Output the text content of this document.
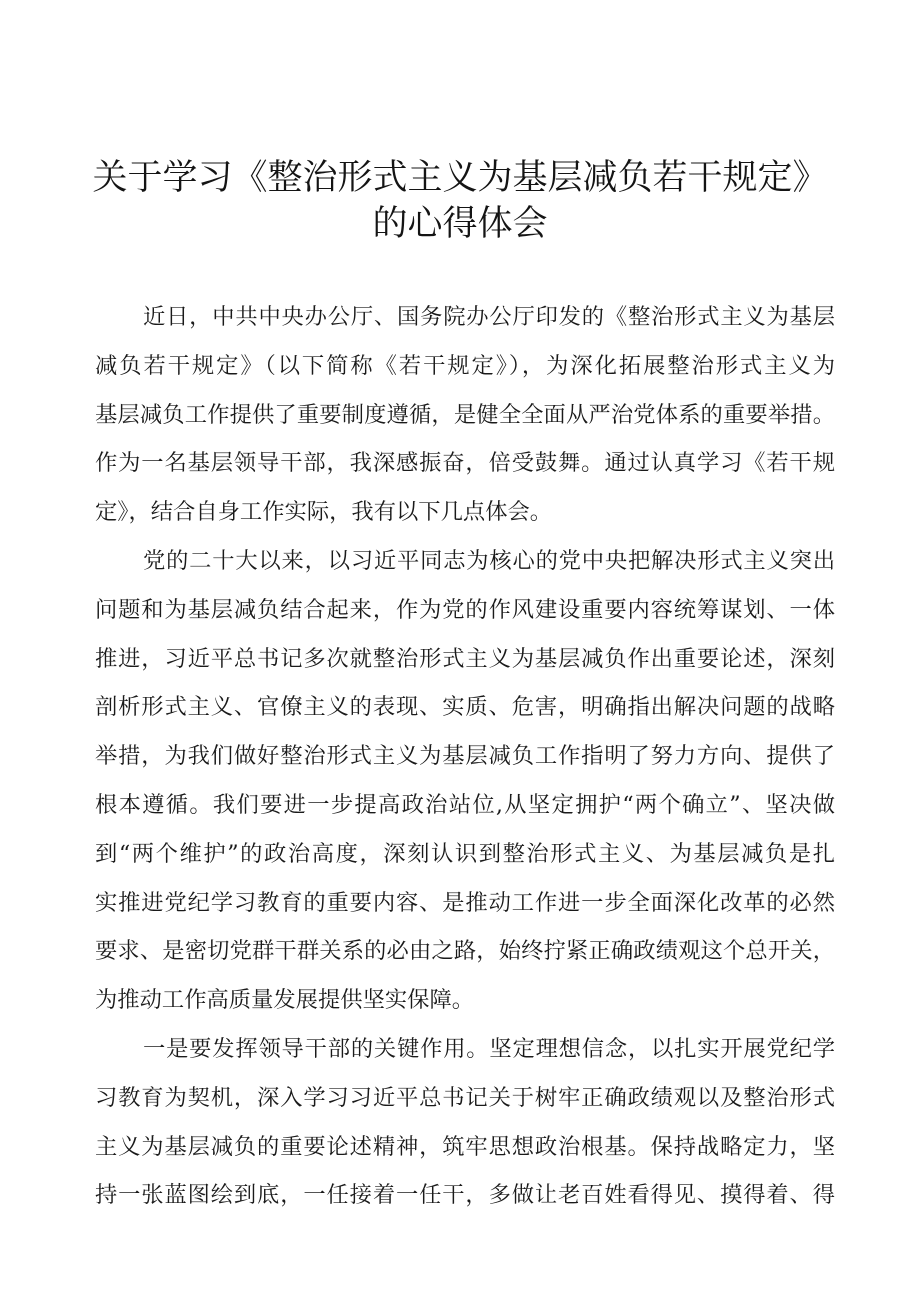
关于学习《整治形式主义为基层减负若干规定》
的心得体会
近日，中共中央办公厅、国务院办公厅印发的《整治形式主义为基层
减负若干规定》（以下简称《若干规定》），为深化拓展整治形式主义为
基层减负工作提供了重要制度遵循，是健全全面从严治党体系的重要举措。
作为一名基层领导干部，我深感振奋，倍受鼓舞。通过认真学习《若干规
定》，结合自身工作实际，我有以下几点体会。
党的二十大以来，以习近平同志为核心的党中央把解决形式主义突出
问题和为基层减负结合起来，作为党的作风建设重要内容统筹谋划、一体
推进，习近平总书记多次就整治形式主义为基层减负作出重要论述，深刻
剖析形式主义、官僚主义的表现、实质、危害，明确指出解决问题的战略
举措，为我们做好整治形式主义为基层减负工作指明了努力方向、提供了
根本遵循。我们要进一步提高政治站位,从坚定拥护“两个确立”、坚决做
到“两个维护”的政治高度，深刻认识到整治形式主义、为基层减负是扎
实推进党纪学习教育的重要内容、是推动工作进一步全面深化改革的必然
要求、是密切党群干群关系的必由之路，始终拧紧正确政绩观这个总开关，
为推动工作高质量发展提供坚实保障。
一是要发挥领导干部的关键作用。坚定理想信念，以扎实开展党纪学
习教育为契机，深入学习习近平总书记关于树牢正确政绩观以及整治形式
主义为基层减负的重要论述精神，筑牢思想政治根基。保持战略定力，坚
持一张蓝图绘到底，一任接着一任干，多做让老百姓看得见、摸得着、得
